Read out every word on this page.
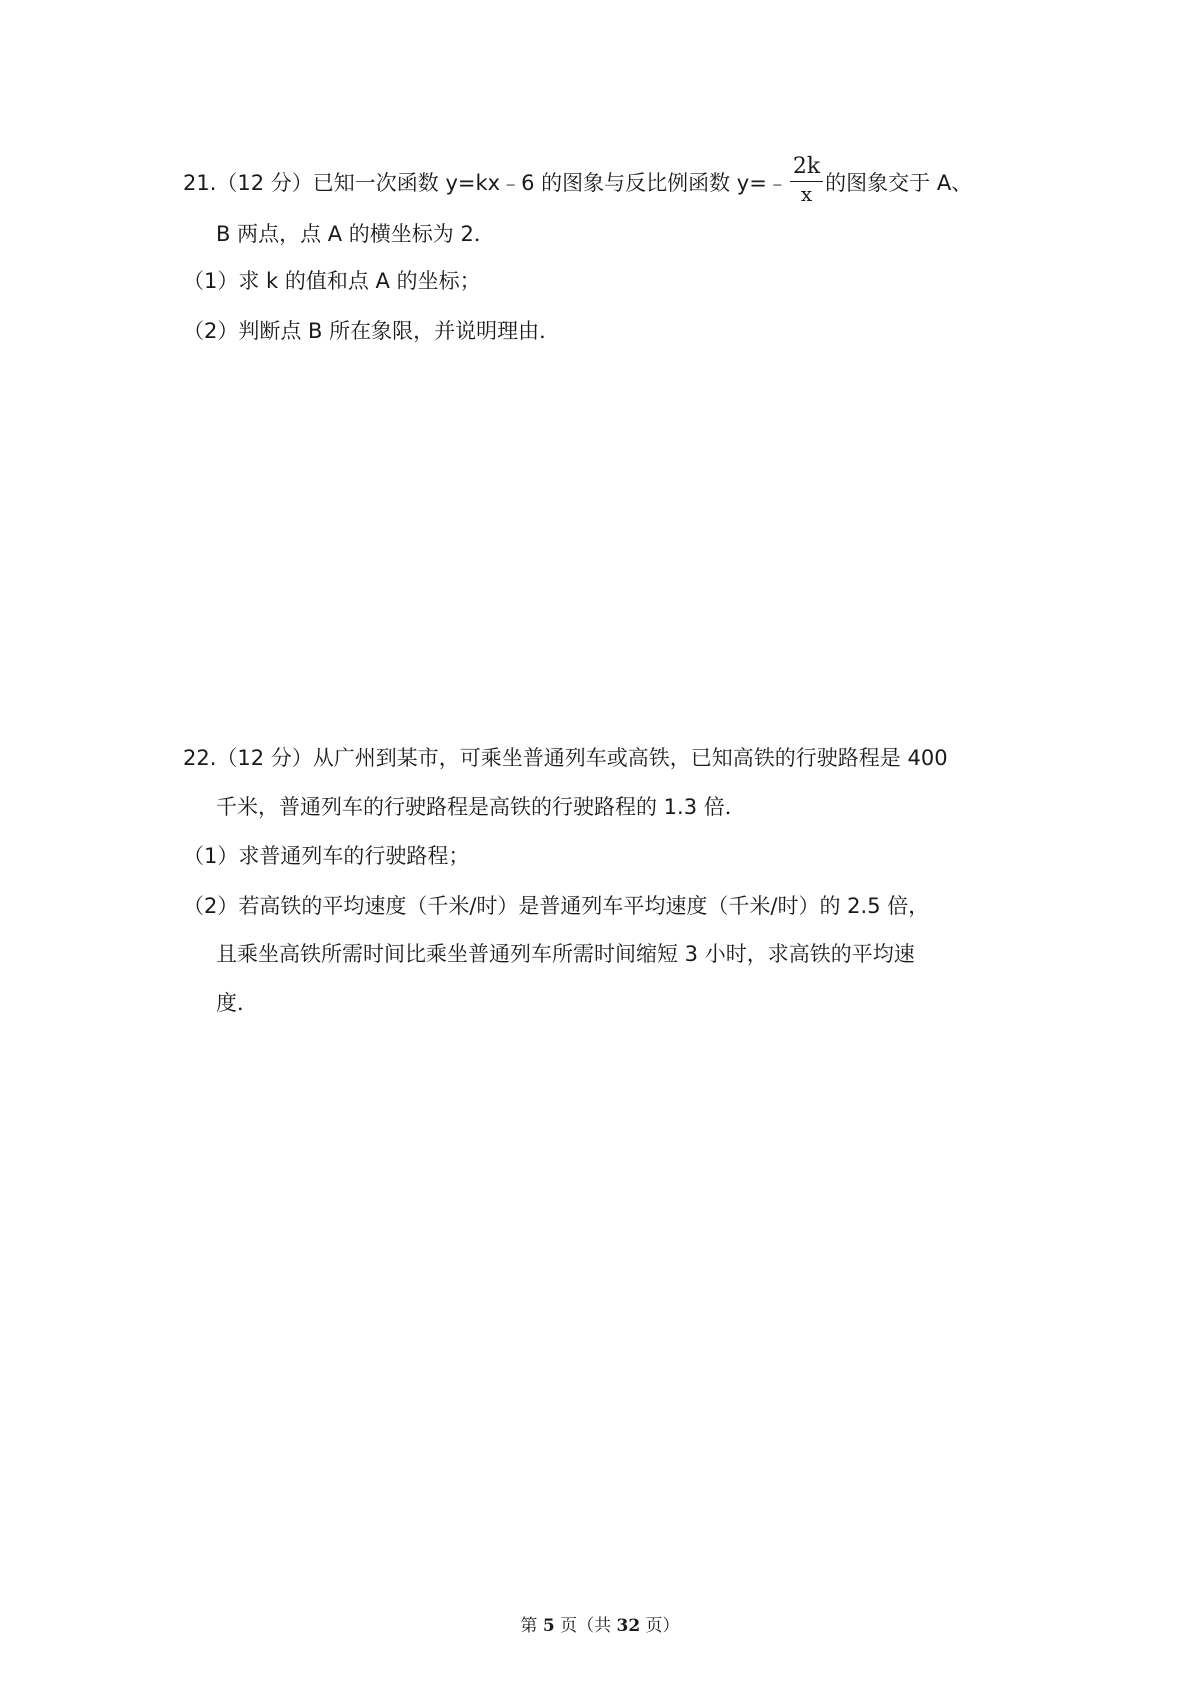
21.（12 分）已知一次函数 y=kx﹣6 的图象与反比例函数 y=﹣ $\frac{2k}{x}$ 的图象交于 A、
B 两点，点 A 的横坐标为 2．
（1）求 k 的值和点 A 的坐标；
（2）判断点 B 所在象限，并说明理由．
22.（12 分）从广州到某市，可乘坐普通列车或高铁，已知高铁的行驶路程是 400
千米，普通列车的行驶路程是高铁的行驶路程的 1.3 倍．
（1）求普通列车的行驶路程；
（2）若高铁的平均速度（千米/时）是普通列车平均速度（千米/时）的 2.5 倍，
且乘坐高铁所需时间比乘坐普通列车所需时间缩短 3 小时，求高铁的平均速
度．
第 5 页（共 32 页）
